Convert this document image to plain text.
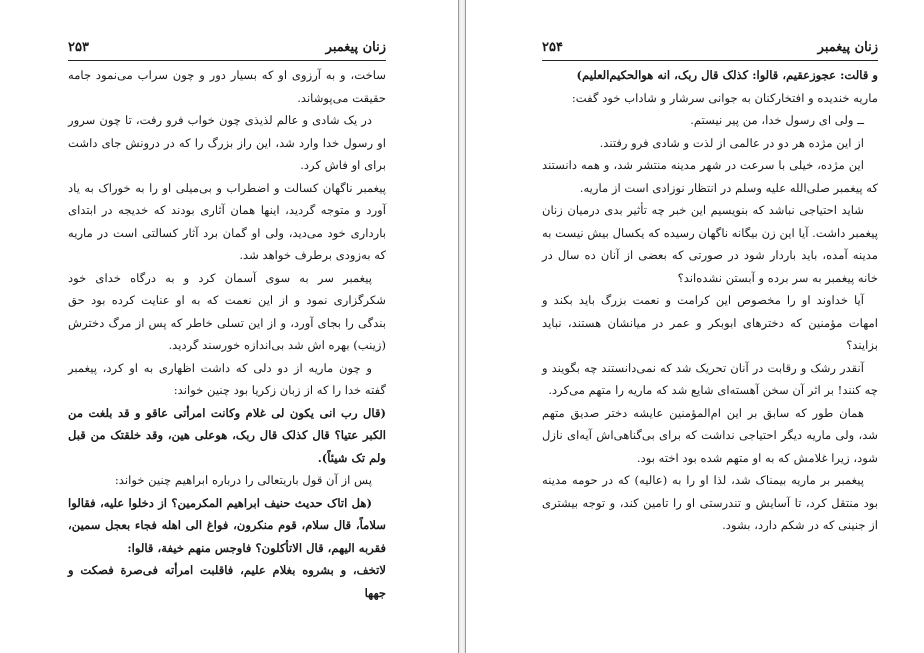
زنان پیغمبر
۲۵۳

ساخت، و به آرزوی او که بسیار دور و چون سراب می‌نمود جامه حقیقت می‌پوشاند.

در یک شادی و عالم لذیذی چون خواب فرو رفت، تا چون سرور او رسول خدا وارد شد، این راز بزرگ را که در درونش جای داشت برای او فاش کرد.

پیغمبر ناگهان کسالت و اضطراب و بی‌میلی او را به خوراک به یاد آورد و متوجه گردید، اینها همان آثاری بودند که خدیجه در ابتدای بارداری خود می‌دید، ولی او گمان برد آثار کسالتی است در ماریه که به‌زودی برطرف خواهد شد.

پیغمبر سر به سوی آسمان کرد و به درگاه خدای خود شکرگزاری نمود و از این نعمت که به او عنایت کرده بود حق بندگی را بجای آورد، و از این تسلی خاطر که پس از مرگ دخترش (زینب) بهره اش شد بی‌اندازه خورسند گردید.

و چون ماریه از دو دلی که داشت اظهاری به او کرد، پیغمبر گفته خدا را که از زبان زکریا بود چنین خواند:

(قال رب انی یکون لی غلام وکانت امرأتی عاقو و قد بلغت من الکبر عتیا؟ قال کذلک قال ربک، هوعلی هین، وقد خلقتک من قبل ولم تک شیئاً).

پس از آن قول باریتعالی را درباره ابراهیم چنین خواند:

(هل اتاک حدیث حنیف ابراهیم المکرمین؟ از دخلوا علیه، فقالوا سلاماً، قال سلام، قوم منکرون، فواغ الی اهله فجاء بعجل سمین، فقربه الیهم، قال الاتأکلون؟ فاوجس منهم خیفة، قالوا:

لاتخف، و بشروه بغلام علیم، فاقلبت امرأته فی‌صرة فصکت و جهها

زنان پیغمبر
۲۵۴

و قالت: عجوزعقیم، قالوا: کذلک قال ربک، انه هوالحکیم‌العلیم)

ماریه خندیده و افتخارکنان به جوانی سرشار و شاداب خود گفت:

ــ ولی ای رسول خدا، من پیر نیستم.

از این مژده هر دو در عالمی از لذت و شادی فرو رفتند.

این مژده، خیلی با سرعت در شهر مدینه منتشر شد، و همه دانستند که پیغمبر صلی‌الله علیه وسلم در انتظار نوزادی است از ماریه.

شاید احتیاجی نباشد که بنویسیم این خبر چه تأثیر بدی درمیان زنان پیغمبر داشت. آیا این زن بیگانه ناگهان رسیده که یکسال بیش نیست به مدینه آمده، باید باردار شود در صورتی که بعضی از آنان ده سال در خانه پیغمبر به سر برده و آبستن نشده‌اند؟

آیا خداوند او را مخصوص این کرامت و نعمت بزرگ باید بکند و امهات مؤمنین که دخترهای ابوبکر و عمر در میانشان هستند، نباید بزایند؟

آنقدر رشک و رقابت در آنان تحریک شد که نمی‌دانستند چه بگویند و چه کنند! بر اثر آن سخن آهسته‌ای شایع شد که ماریه را متهم می‌کرد.

همان طور که سابق بر این ام‌المؤمنین عایشه دختر صدیق متهم شد، ولی ماریه دیگر احتیاجی نداشت که برای بی‌گناهی‌اش آیه‌ای نازل شود، زیرا غلامش که به او متهم شده بود اخته بود.

پیغمبر بر ماریه بیمناک شد، لذا او را به (عالیه) که در حومه مدینه بود منتقل کرد، تا آسایش و تندرستی او را تامین کند، و توجه بیشتری از جنینی که در شکم دارد، بشود.
